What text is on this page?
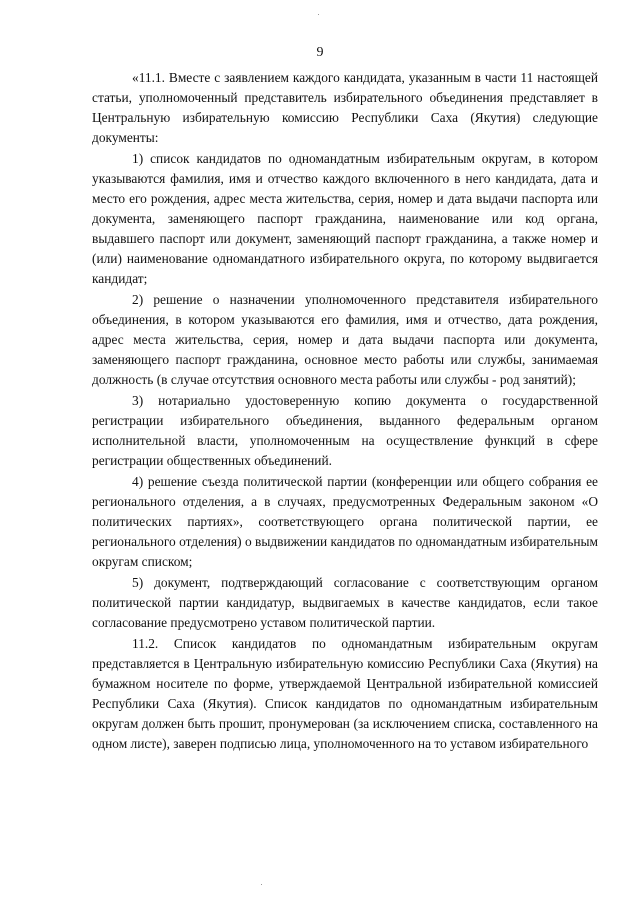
9

«11.1. Вместе с заявлением каждого кандидата, указанным в части 11 настоящей статьи, уполномоченный представитель избирательного объединения представляет в Центральную избирательную комиссию Республики Саха (Якутия) следующие документы:

1) список кандидатов по одномандатным избирательным округам, в котором указываются фамилия, имя и отчество каждого включенного в него кандидата, дата и место его рождения, адрес места жительства, серия, номер и дата выдачи паспорта или документа, заменяющего паспорт гражданина, наименование или код органа, выдавшего паспорт или документ, заменяющий паспорт гражданина, а также номер и (или) наименование одномандатного избирательного округа, по которому выдвигается кандидат;

2) решение о назначении уполномоченного представителя избирательного объединения, в котором указываются его фамилия, имя и отчество, дата рождения, адрес места жительства, серия, номер и дата выдачи паспорта или документа, заменяющего паспорт гражданина, основное место работы или службы, занимаемая должность (в случае отсутствия основного места работы или службы - род занятий);

3) нотариально удостоверенную копию документа о государственной регистрации избирательного объединения, выданного федеральным органом исполнительной власти, уполномоченным на осуществление функций в сфере регистрации общественных объединений.

4) решение съезда политической партии (конференции или общего собрания ее регионального отделения, а в случаях, предусмотренных Федеральным законом «О политических партиях», соответствующего органа политической партии, ее регионального отделения) о выдвижении кандидатов по одномандатным избирательным округам списком;

5) документ, подтверждающий согласование с соответствующим органом политической партии кандидатур, выдвигаемых в качестве кандидатов, если такое согласование предусмотрено уставом политической партии.

11.2. Список кандидатов по одномандатным избирательным округам представляется в Центральную избирательную комиссию Республики Саха (Якутия) на бумажном носителе по форме, утверждаемой Центральной избирательной комиссией Республики Саха (Якутия). Список кандидатов по одномандатным избирательным округам должен быть прошит, пронумерован (за исключением списка, составленного на одном листе), заверен подписью лица, уполномоченного на то уставом избирательного
